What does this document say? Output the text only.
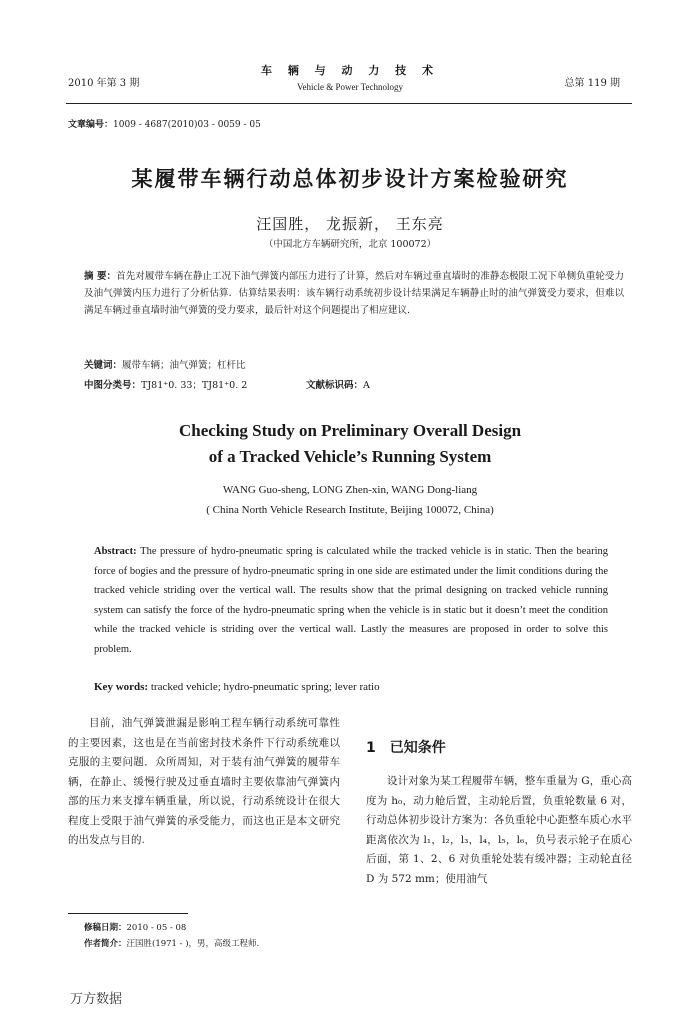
2010 年第 3 期
车 辆 与 动 力 技 术
Vehicle & Power Technology	总第 119 期
文章编号：1009 - 4687(2010)03 - 0059 - 05
某履带车辆行动总体初步设计方案检验研究
汪国胜， 龙振新， 王东亮
（中国北方车辆研究所，北京 100072）
摘 要：首先对履带车辆在静止工况下油气弹簧内部压力进行了计算，然后对车辆过垂直墙时的准静态极限工况下单侧负重轮受力及油气弹簧内压力进行了分析估算．估算结果表明：该车辆行动系统初步设计结果满足车辆静止时的油气弹簧受力要求，但难以满足车辆过垂直墙时油气弹簧的受力要求，最后针对这个问题提出了相应建议.
关键词：履带车辆；油气弹簧；杠杆比
中图分类号：TJ81⁺0. 33；TJ81⁺0. 2	文献标识码：A
Checking Study on Preliminary Overall Design
of a Tracked Vehicle’s Running System
WANG Guo-sheng, LONG Zhen-xin, WANG Dong-liang
( China North Vehicle Research Institute, Beijing 100072, China)
Abstract: The pressure of hydro-pneumatic spring is calculated while the tracked vehicle is in static. Then the bearing force of bogies and the pressure of hydro-pneumatic spring in one side are estimated under the limit conditions during the tracked vehicle striding over the vertical wall. The results show that the primal designing on tracked vehicle running system can satisfy the force of the hydro-pneumatic spring when the vehicle is in static but it doesn’t meet the condition while the tracked vehicle is striding over the vertical wall. Lastly the measures are proposed in order to solve this problem.
Key words: tracked vehicle; hydro-pneumatic spring; lever ratio
目前，油气弹簧泄漏是影响工程车辆行动系统可靠性的主要因素，这也是在当前密封技术条件下行动系统难以克服的主要问题．众所周知，对于装有油气弹簧的履带车辆，在静止、缓慢行驶及过垂直墙时主要依靠油气弹簧内部的压力来支撑车辆重量，所以说，行动系统设计在很大程度上受限于油气弹簧的承受能力，而这也正是本文研究的出发点与目的.
1 已知条件
设计对象为某工程履带车辆，整车重量为 G，重心高度为 h₀，动力舱后置，主动轮后置，负重轮数量 6 对，行动总体初步设计方案为：各负重轮中心距整车质心水平距离依次为 l₁，l₂，l₃，l₄，l₅，l₆，负号表示轮子在质心后面，第 1、2、6 对负重轮处装有缓冲器；主动轮直径 D 为 572 mm；使用油气
修稿日期：2010 - 05 - 08
作者简介：汪国胜(1971 - )，男，高级工程师.
万方数据
